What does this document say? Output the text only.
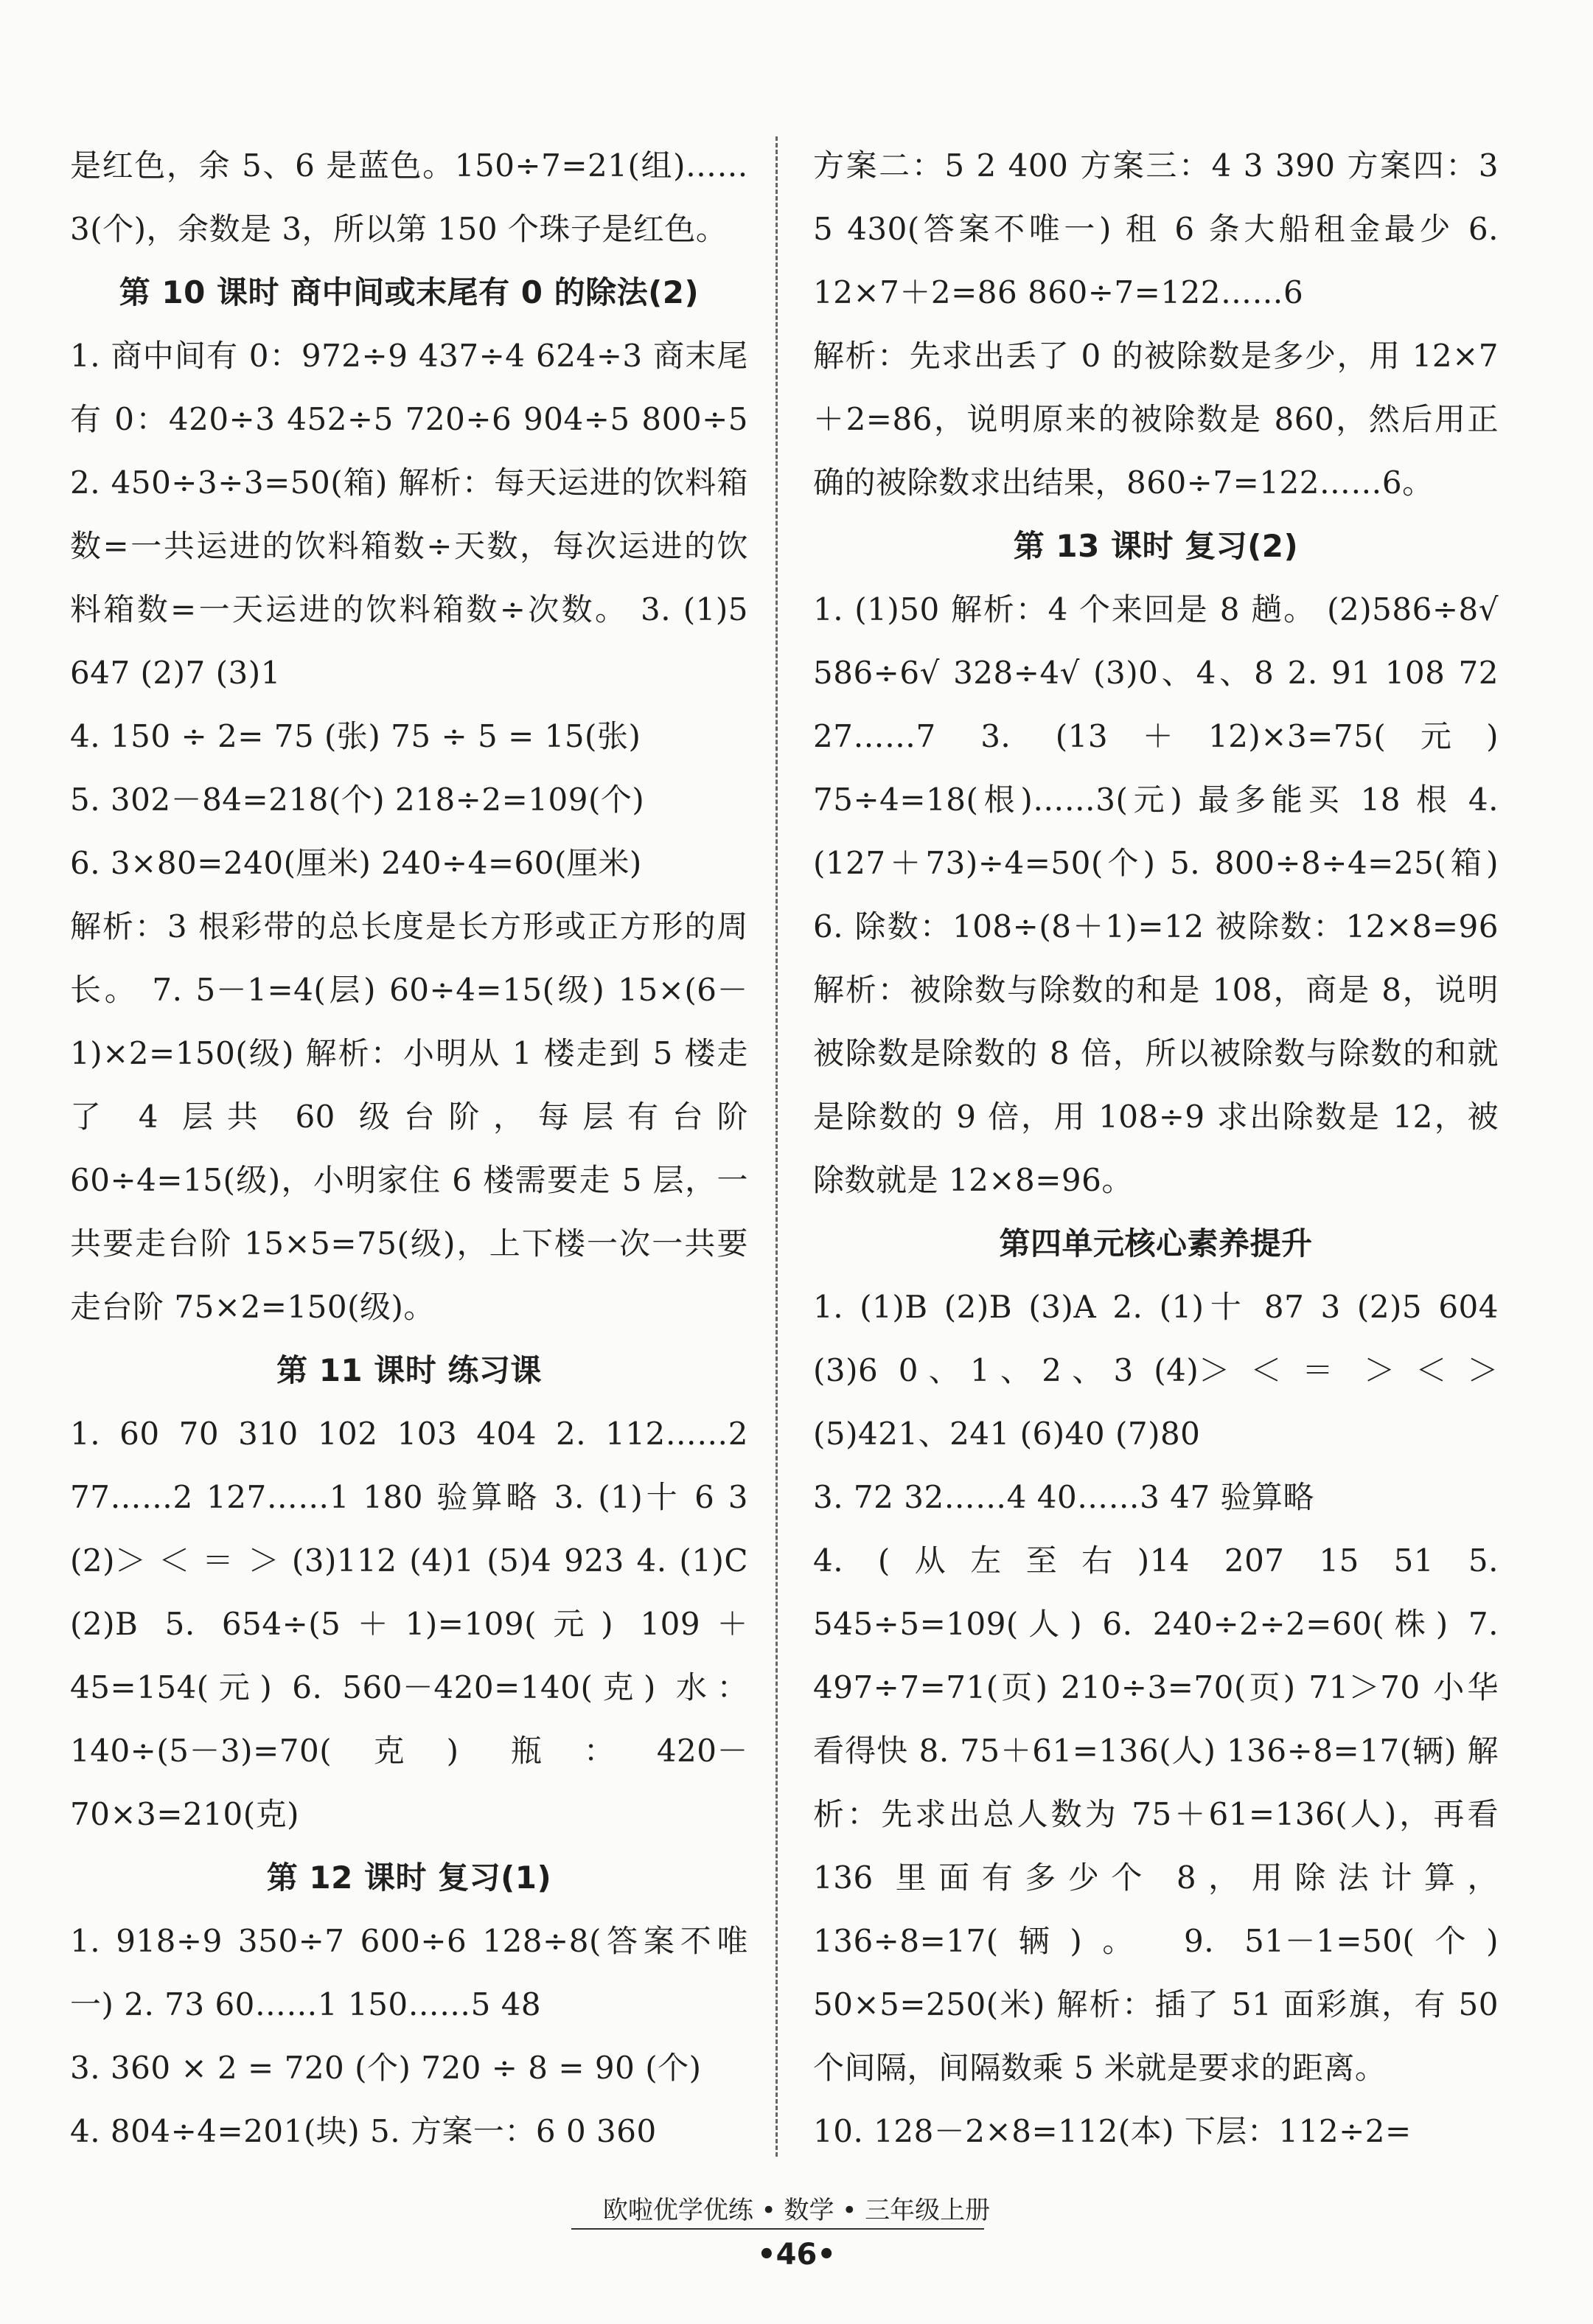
是红色，余 5、6 是蓝色。150÷7=21(组)……3(个)，余数是 3，所以第 150 个珠子是红色。

第 10 课时 商中间或末尾有 0 的除法(2)

1. 商中间有 0：972÷9 437÷4 624÷3 商末尾有 0：420÷3 452÷5 720÷6 904÷5 800÷5 2. 450÷3÷3=50(箱) 解析：每天运进的饮料箱数=一共运进的饮料箱数÷天数，每次运进的饮料箱数=一天运进的饮料箱数÷次数。 3. (1)5 647 (2)7 (3)1

4. 150 ÷ 2= 75 (张) 75 ÷ 5 = 15(张)

5. 302－84=218(个) 218÷2=109(个)

6. 3×80=240(厘米) 240÷4=60(厘米)

解析：3 根彩带的总长度是长方形或正方形的周长。 7. 5－1=4(层) 60÷4=15(级) 15×(6－1)×2=150(级) 解析：小明从 1 楼走到 5 楼走了 4 层共 60 级台阶，每层有台阶 60÷4=15(级)，小明家住 6 楼需要走 5 层，一共要走台阶 15×5=75(级)，上下楼一次一共要走台阶 75×2=150(级)。

第 11 课时 练习课

1. 60 70 310 102 103 404 2. 112……2 77……2 127……1 180 验算略 3. (1)十 6 3 (2)＞ ＜ ＝ ＞ (3)112 (4)1 (5)4 923 4. (1)C (2)B 5. 654÷(5＋1)=109(元) 109＋45=154(元) 6. 560－420=140(克) 水：140÷(5－3)=70(克) 瓶：420－70×3=210(克)

第 12 课时 复习(1)

1. 918÷9 350÷7 600÷6 128÷8(答案不唯一) 2. 73 60……1 150……5 48

3. 360 × 2 = 720 (个) 720 ÷ 8 = 90 (个)

4. 804÷4=201(块) 5. 方案一：6 0 360

方案二：5 2 400 方案三：4 3 390 方案四：3 5 430(答案不唯一) 租 6 条大船租金最少 6. 12×7＋2=86 860÷7=122……6

解析：先求出丢了 0 的被除数是多少，用 12×7＋2=86，说明原来的被除数是 860，然后用正确的被除数求出结果，860÷7=122……6。

第 13 课时 复习(2)

1. (1)50 解析：4 个来回是 8 趟。 (2)586÷8√ 586÷6√ 328÷4√ (3)0、4、8 2. 91 108 72 27……7 3. (13＋12)×3=75(元) 75÷4=18(根)……3(元) 最多能买 18 根 4. (127＋73)÷4=50(个) 5. 800÷8÷4=25(箱) 6. 除数：108÷(8＋1)=12 被除数：12×8=96 解析：被除数与除数的和是 108，商是 8，说明被除数是除数的 8 倍，所以被除数与除数的和就是除数的 9 倍，用 108÷9 求出除数是 12，被除数就是 12×8=96。

第四单元核心素养提升

1. (1)B (2)B (3)A 2. (1)十 87 3 (2)5 604 (3)6 0、1、2、3 (4)＞ ＜ ＝ ＞ ＜ ＞ (5)421、241 (6)40 (7)80

3. 72 32……4 40……3 47 验算略

4. (从左至右)14 207 15 51 5. 545÷5=109(人) 6. 240÷2÷2=60(株) 7. 497÷7=71(页) 210÷3=70(页) 71＞70 小华看得快 8. 75＋61=136(人) 136÷8=17(辆) 解析：先求出总人数为 75＋61=136(人)，再看 136 里面有多少个 8，用除法计算，136÷8=17(辆)。 9. 51－1=50(个) 50×5=250(米) 解析：插了 51 面彩旗，有 50 个间隔，间隔数乘 5 米就是要求的距离。

10. 128－2×8=112(本) 下层：112÷2=

欧啦优学优练 • 数学 • 三年级上册
•46•
